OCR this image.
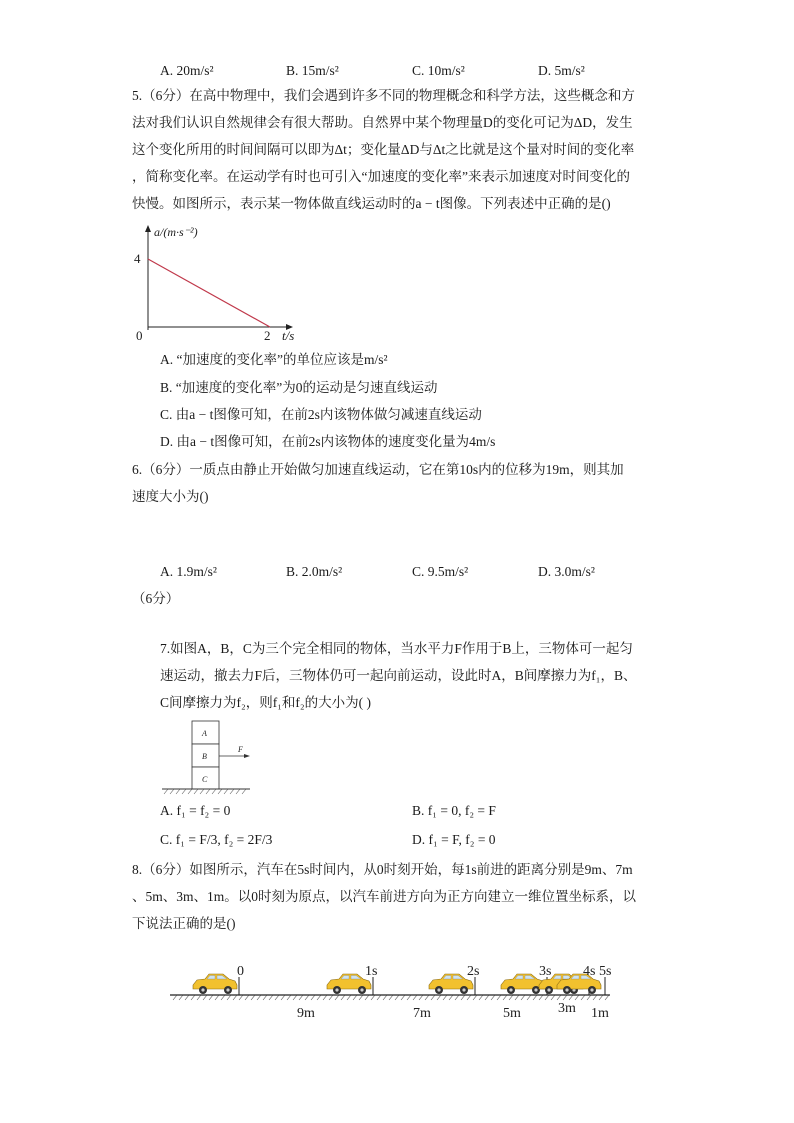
A. 20m/s²	B. 15m/s²	C. 10m/s²	D. 5m/s²
5.（6分）在高中物理中，我们会遇到许多不同的物理概念和科学方法，这些概念和方
法对我们认识自然规律会有很大帮助。自然界中某个物理量D的变化可记为ΔD，发生
这个变化所用的时间间隔可以即为Δt；变化量ΔD与Δt之比就是这个量对时间的变化率
，简称变化率。在运动学有时也可引入“加速度的变化率”来表示加速度对时间变化的
快慢。如图所示，表示某一物体做直线运动时的a − t图像。下列表述中正确的是()
a/(m·s⁻²)
4
0	2 t/s
A. “加速度的变化率”的单位应该是m/s²
B. “加速度的变化率”为0的运动是匀速直线运动
C. 由a − t图像可知，在前2s内该物体做匀减速直线运动
D. 由a − t图像可知，在前2s内该物体的速度变化量为4m/s
6.（6分）一质点由静止开始做匀加速直线运动，它在第10s内的位移为19m，则其加
速度大小为()
A. 1.9m/s²	B. 2.0m/s²	C. 9.5m/s²	D. 3.0m/s²
（6分）
7.如图A，B，C为三个完全相同的物体，当水平力F作用于B上，三物体可一起匀
速运动，撤去力F后，三物体仍可一起向前运动，设此时A，B间摩擦力为f₁，B、
C间摩擦力为f₂，则f₁和f₂的大小为( )
A
B
C
F
A. f₁ = f₂ = 0	B. f₁ = 0, f₂ = F
C. f₁ = F/3, f₂ = 2F/3	D. f₁ = F, f₂ = 0
8.（6分）如图所示，汽车在5s时间内，从0时刻开始，每1s前进的距离分别是9m、7m
、5m、3m、1m。以0时刻为原点，以汽车前进方向为正方向建立一维位置坐标系，以
下说法正确的是()
0	1s	2s	3s 4s 5s
9m	7m	5m	3m 1m
